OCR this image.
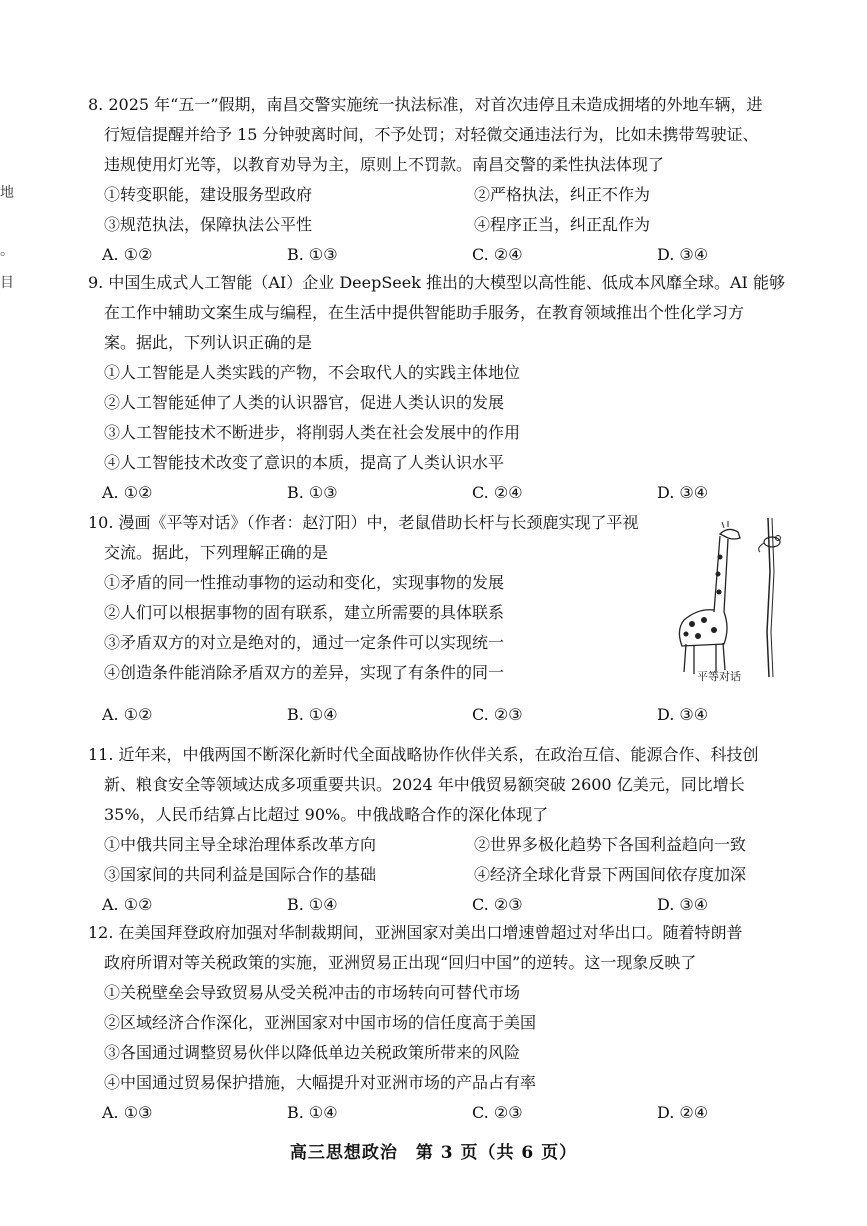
地
。
目
8. 2025 年“五一”假期，南昌交警实施统一执法标准，对首次违停且未造成拥堵的外地车辆，进
行短信提醒并给予 15 分钟驶离时间，不予处罚；对轻微交通违法行为，比如未携带驾驶证、
违规使用灯光等，以教育劝导为主，原则上不罚款。南昌交警的柔性执法体现了
①转变职能，建设服务型政府	②严格执法，纠正不作为
③规范执法，保障执法公平性	④程序正当，纠正乱作为
A. ①②	B. ①③	C. ②④	D. ③④
9. 中国生成式人工智能（AI）企业 DeepSeek 推出的大模型以高性能、低成本风靡全球。AI 能够
在工作中辅助文案生成与编程，在生活中提供智能助手服务，在教育领域推出个性化学习方
案。据此，下列认识正确的是
①人工智能是人类实践的产物，不会取代人的实践主体地位
②人工智能延伸了人类的认识器官，促进人类认识的发展
③人工智能技术不断进步，将削弱人类在社会发展中的作用
④人工智能技术改变了意识的本质，提高了人类认识水平
A. ①②	B. ①③	C. ②④	D. ③④
10. 漫画《平等对话》（作者：赵汀阳）中，老鼠借助长杆与长颈鹿实现了平视
交流。据此，下列理解正确的是
①矛盾的同一性推动事物的运动和变化，实现事物的发展
②人们可以根据事物的固有联系，建立所需要的具体联系
③矛盾双方的对立是绝对的，通过一定条件可以实现统一
④创造条件能消除矛盾双方的差异，实现了有条件的同一
A. ①②	B. ①④	C. ②③	D. ③④
平等对话
11. 近年来，中俄两国不断深化新时代全面战略协作伙伴关系，在政治互信、能源合作、科技创
新、粮食安全等领域达成多项重要共识。2024 年中俄贸易额突破 2600 亿美元，同比增长
35%，人民币结算占比超过 90%。中俄战略合作的深化体现了
①中俄共同主导全球治理体系改革方向	②世界多极化趋势下各国利益趋向一致
③国家间的共同利益是国际合作的基础	④经济全球化背景下两国间依存度加深
A. ①②	B. ①④	C. ②③	D. ③④
12. 在美国拜登政府加强对华制裁期间，亚洲国家对美出口增速曾超过对华出口。随着特朗普
政府所谓对等关税政策的实施，亚洲贸易正出现“回归中国”的逆转。这一现象反映了
①关税壁垒会导致贸易从受关税冲击的市场转向可替代市场
②区域经济合作深化，亚洲国家对中国市场的信任度高于美国
③各国通过调整贸易伙伴以降低单边关税政策所带来的风险
④中国通过贸易保护措施，大幅提升对亚洲市场的产品占有率
A. ①③	B. ①④	C. ②③	D. ②④
高三思想政治　第 3 页（共 6 页）
